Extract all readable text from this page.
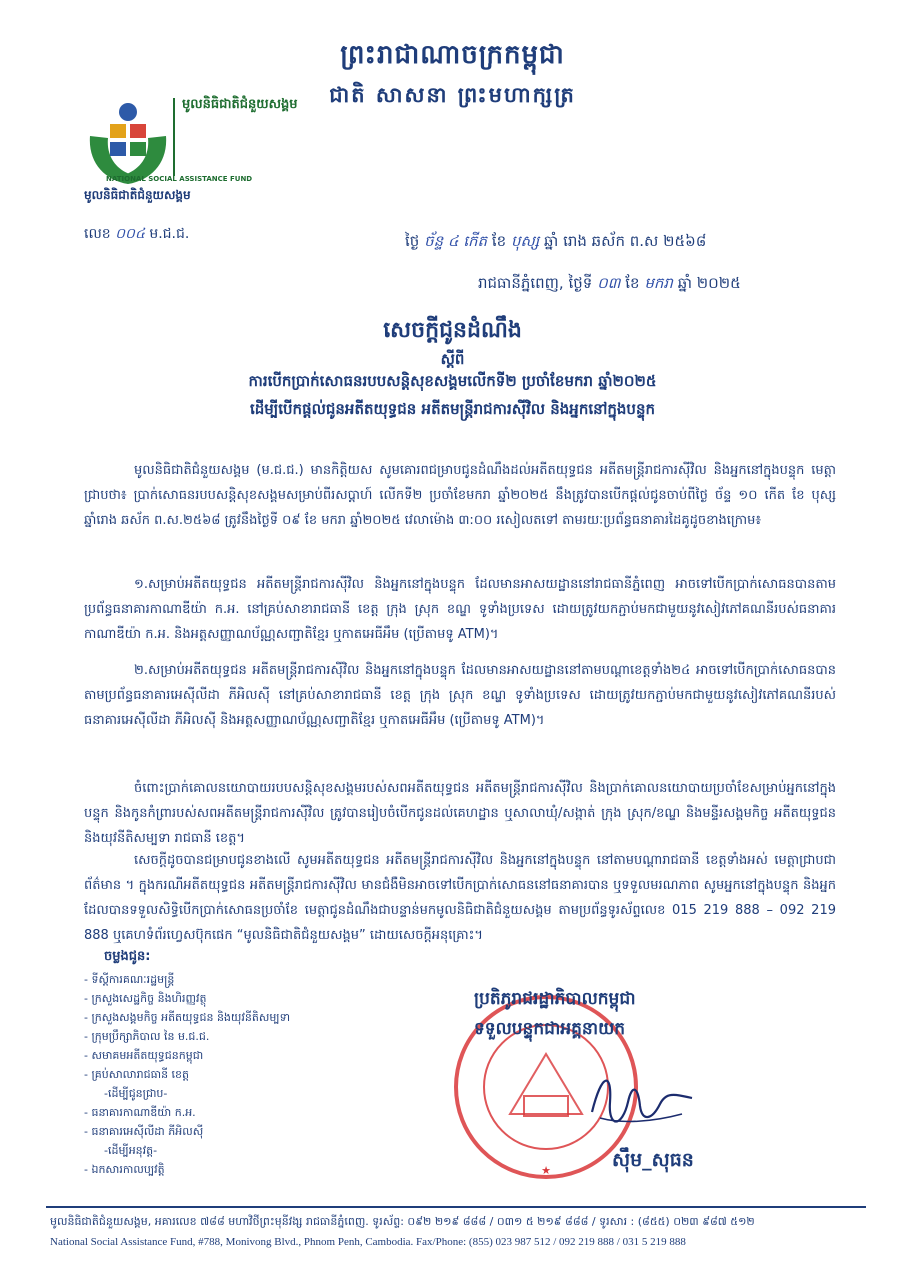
ព្រះរាជាណាចក្រកម្ពុជា
ជាតិ សាសនា ព្រះមហាក្សត្រ
មូលនិធិជាតិជំនួយសង្គម
NATIONAL SOCIAL ASSISTANCE FUND
មូលនិធិជាតិជំនួយសង្គម
លេខ ០០៤ ម.ជ.ជ.	ថ្ងៃ ច័ន្ទ ៤ កើត ខែ បុស្ស ឆ្នាំ រោង ឆស័ក ព.ស ២៥៦៨
រាជធានីភ្នំពេញ, ថ្ងៃទី ០៣ ខែ មករា ឆ្នាំ ២០២៥
សេចក្ដីជូនដំណឹង
ស្ដីពី
ការបើកប្រាក់សោធនរបបសន្តិសុខសង្គមលើកទី២ ប្រចាំខែមករា ឆ្នាំ២០២៥
ដើម្បីបើកផ្ដល់ជូនអតីតយុទ្ធជន អតីតមន្ត្រីរាជការស៊ីវិល និងអ្នកនៅក្នុងបន្ទុក
មូលនិធិជាតិជំនួយសង្គម (ម.ជ.ជ.) មានកិត្តិយស សូមគោរពជម្រាបជូនដំណឹងដល់អតីតយុទ្ធជន អតីតមន្ត្រីរាជការស៊ីវិល និងអ្នកនៅក្នុងបន្ទុក មេត្តាជ្រាបថា៖ ប្រាក់សោធនរបបសន្តិសុខសង្គមសម្រាប់ពីរសប្តាហ៍ លើកទី២ ប្រចាំខែមករា ឆ្នាំ២០២៥ នឹងត្រូវបានបើកផ្ដល់ជូនចាប់ពីថ្ងៃ ច័ន្ទ ១០ កើត ខែ បុស្ស ឆ្នាំរោង ឆស័ក ព.ស.២៥៦៨ ត្រូវនឹងថ្ងៃទី ០៩ ខែ មករា ឆ្នាំ២០២៥ វេលាម៉ោង ៣:០០ រសៀលតទៅ តាមរយៈប្រព័ន្ធធនាគារដៃគូដូចខាងក្រោម៖
១.សម្រាប់អតីតយុទ្ធជន អតីតមន្ត្រីរាជការស៊ីវិល និងអ្នកនៅក្នុងបន្ទុក ដែលមានអាសយដ្ឋាននៅរាជធានីភ្នំពេញ អាចទៅបើកប្រាក់សោធនបានតាមប្រព័ន្ធធនាគារកាណាឌីយ៉ា ក.អ. នៅគ្រប់សាខារាជធានី ខេត្ត ក្រុង ស្រុក ខណ្ឌ ទូទាំងប្រទេស ដោយត្រូវយកភ្ជាប់មកជាមួយនូវសៀវភៅគណនីរបស់ធនាគារកាណាឌីយ៉ា ក.អ. និងអត្តសញ្ញាណប័ណ្ណសញ្ជាតិខ្មែរ ឬកាតអេធីអឹម (ប្រើតាមទូ ATM)។
២.សម្រាប់អតីតយុទ្ធជន អតីតមន្ត្រីរាជការស៊ីវិល និងអ្នកនៅក្នុងបន្ទុក ដែលមានអាសយដ្ឋាននៅតាមបណ្ដាខេត្តទាំង២៤ អាចទៅបើកប្រាក់សោធនបានតាមប្រព័ន្ធធនាគារអេស៊ីលីដា ភីអិលស៊ី នៅគ្រប់សាខារាជធានី ខេត្ត ក្រុង ស្រុក ខណ្ឌ ទូទាំងប្រទេស ដោយត្រូវយកភ្ជាប់មកជាមួយនូវសៀវភៅគណនីរបស់ធនាគារអេស៊ីលីដា ភីអិលស៊ី និងអត្តសញ្ញាណប័ណ្ណសញ្ជាតិខ្មែរ ឬកាតអេធីអឹម (ប្រើតាមទូ ATM)។
ចំពោះប្រាក់គោលនយោបាយរបបសន្តិសុខសង្គមរបស់សពអតីតយុទ្ធជន អតីតមន្ត្រីរាជការស៊ីវិល និងប្រាក់គោលនយោបាយប្រចាំខែសម្រាប់អ្នកនៅក្នុងបន្ទុក និងកូនកំព្រារបស់សពអតីតមន្ត្រីរាជការស៊ីវិល ត្រូវបានរៀបចំបើកជូនដល់គេហដ្ឋាន ឬសាលាឃុំ/សង្កាត់ ក្រុង ស្រុក/ខណ្ឌ និងមន្ទីរសង្គមកិច្ច អតីតយុទ្ធជន និងយុវនីតិសម្បទា រាជធានី ខេត្ត។
សេចក្ដីដូចបានជម្រាបជូនខាងលើ សូមអតីតយុទ្ធជន អតីតមន្ត្រីរាជការស៊ីវិល និងអ្នកនៅក្នុងបន្ទុក នៅតាមបណ្ដារាជធានី ខេត្តទាំងអស់ មេត្តាជ្រាបជាព័ត៌មាន ។ ក្នុងករណីអតីតយុទ្ធជន អតីតមន្ត្រីរាជការស៊ីវិល មានជំងឺមិនអាចទៅបើកប្រាក់សោធននៅធនាគារបាន ឬទទួលមរណភាព សូមអ្នកនៅក្នុងបន្ទុក និងអ្នកដែលបានទទួលសិទ្ធិបើកប្រាក់សោធនប្រចាំខែ មេត្តាជូនដំណឹងជាបន្ទាន់មកមូលនិធិជាតិជំនួយសង្គម តាមប្រព័ន្ធទូរស័ព្ទលេខ 015 219 888 – 092 219 888 ឬគេហទំព័រហ្វេសប៊ុកផេក “មូលនិធិជាតិជំនួយសង្គម” ដោយសេចក្ដីអនុគ្រោះ។
ចម្លងជូន:
- ទីស្ដីការគណៈរដ្ឋមន្ត្រី
- ក្រសួងសេដ្ឋកិច្ច និងហិរញ្ញវត្ថុ
- ក្រសួងសង្គមកិច្ច អតីតយុទ្ធជន និងយុវនីតិសម្បទា
- ក្រុមប្រឹក្សាភិបាល នៃ ម.ជ.ជ.
- សមាគមអតីតយុទ្ធជនកម្ពុជា
- គ្រប់សាលារាជធានី ខេត្ត
-ដើម្បីជូនជ្រាប-
- ធនាគារកាណាឌីយ៉ា ក.អ.
- ធនាគារអេស៊ីលីដា ភីអិលស៊ី
-ដើម្បីអនុវត្ត-
- ឯកសារកាលប្បវត្តិ	★
ប្រតិភូរាជរដ្ឋាភិបាលកម្ពុជា
ទទួលបន្ទុកជាអគ្គនាយក
ស៊ឹម_សុធន
មូលនិធិជាតិជំនួយសង្គម, អគារលេខ ៧៨៨ មហាវិថីព្រះមុនីវង្ស រាជធានីភ្នំពេញ. ទូរស័ព្ទ: ០៩២ ២១៩ ៨៨៨ / ០៣១ ៥ ២១៩ ៨៨៨ / ទូរសារ : (៨៥៥) ០២៣ ៩៨៧ ៥១២
National Social Assistance Fund, #788, Monivong Blvd., Phnom Penh, Cambodia. Fax/Phone: (855) 023 987 512 / 092 219 888 / 031 5 219 888
